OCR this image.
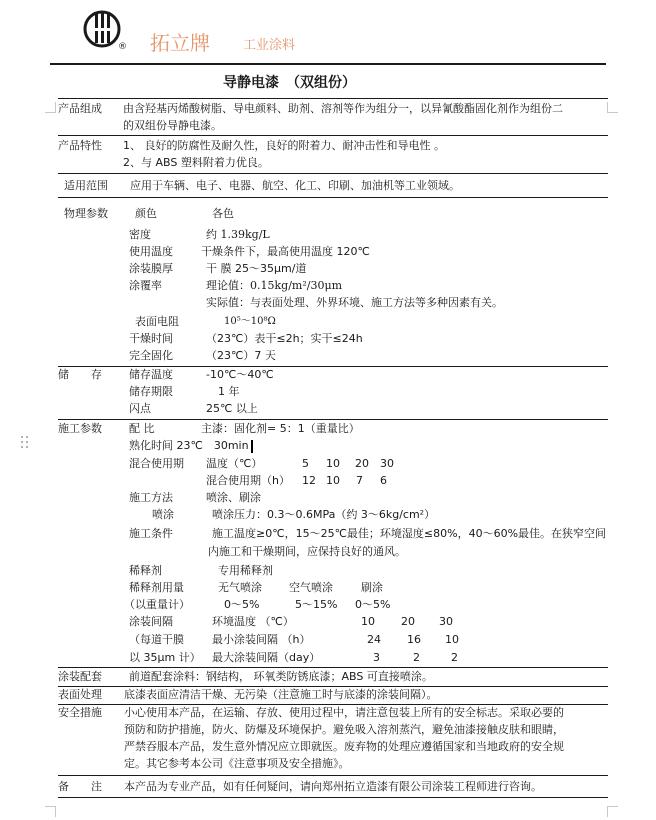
® 拓立牌	工业涂料
导静电漆　（双组份）
产品组成 由含羟基丙烯酸树脂、导电颜料、助剂、溶剂等作为组分一，以异氰酸酯固化剂作为组份二
的双组份导静电漆。
产品特性 1、 良好的防腐性及耐久性，良好的附着力、耐冲击性和导电性 。
2、与 ABS 塑料附着力优良。
适用范围 应用于车辆、电子、电器、航空、化工、印刷、加油机等工业领域。
物理参数 颜色	各色
密度	约 1.39kg/L
使用温度	干燥条件下，最高使用温度 120℃
涂装膜厚	干 膜 25～35μm/道
涂覆率	理论值：0.15kg/m²/30μm
实际值：与表面处理、外界环境、施工方法等多种因素有关。
表面电阻	10⁵～10⁸Ω
干燥时间	（23℃）表干≤2h；实干≤24h
完全固化	（23℃）7 天
储　　存 储存温度	-10℃～40℃
储存期限	1 年
闪点	25℃ 以上
施工参数 配 比	主漆：固化剂= 5：1（重量比）
熟化时间 23℃　30min
混合使用期 温度（℃）	5 10 20 30
混合使用期（h） 12 10 7 6
施工方法	喷涂、刷涂
喷涂	喷涂压力：0.3～0.6MPa（约 3～6kg/cm²）
施工条件	施工温度≥0℃，15～25℃最佳；环境湿度≤80%，40～60%最佳。在狭窄空间
内施工和干燥期间，应保持良好的通风。
稀释剂	专用稀释剂
稀释剂用量	无气喷涂 空气喷涂	刷涂
（以重量计）	0～5%	5～15% 0～5%
涂装间隔	环境温度 （℃）	10 20 30
（每道干膜	最小涂装间隔 （h）	24 16 10
以 35μm 计） 最大涂装间隔（day）	3	2	2
涂装配套 前道配套涂料：钢结构， 环氧类防锈底漆；ABS 可直接喷涂。
表面处理 底漆表面应清洁干燥、无污染（注意施工时与底漆的涂装间隔）。
安全措施 小心使用本产品，在运输、存放、使用过程中，请注意包装上所有的安全标志。采取必要的
预防和防护措施，防火、防爆及环境保护。避免吸入溶剂蒸汽，避免油漆接触皮肤和眼睛，
严禁吞服本产品，发生意外情况应立即就医。废弃物的处理应遵循国家和当地政府的安全规
定。其它参考本公司《注意事项及安全措施》。
备　　注 本产品为专业产品，如有任何疑问，请向郑州拓立造漆有限公司涂装工程师进行咨询。
